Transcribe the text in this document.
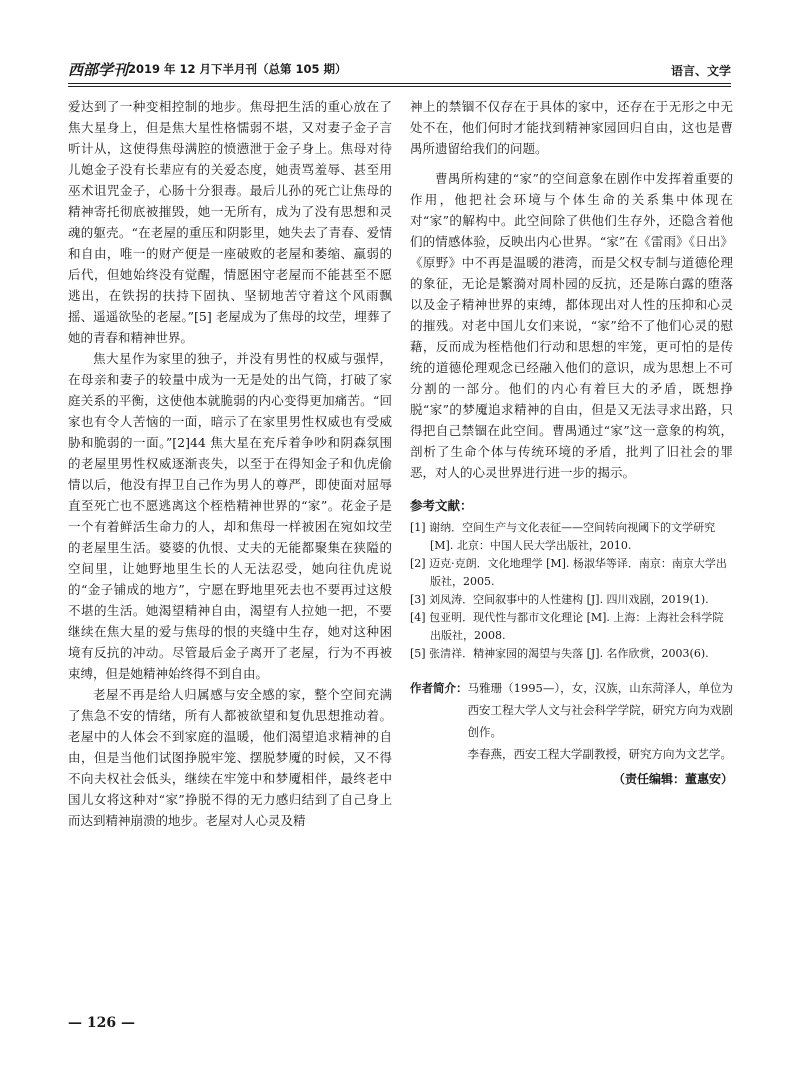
西部学刊 2019 年 12 月下半月刊（总第 105 期）	语言、文学

爱达到了一种变相控制的地步。焦母把生活的重心放在了焦大星身上，但是焦大星性格懦弱不堪，又对妻子金子言听计从，这使得焦母满腔的愤懑泄于金子身上。焦母对待儿媳金子没有长辈应有的关爱态度，她责骂羞辱、甚至用巫术诅咒金子，心肠十分狠毒。最后儿孙的死亡让焦母的精神寄托彻底被摧毁，她一无所有，成为了没有思想和灵魂的躯壳。“在老屋的重压和阴影里，她失去了青春、爱情和自由，唯一的财产便是一座破败的老屋和萎缩、羸弱的后代，但她始终没有觉醒，情愿困守老屋而不能甚至不愿逃出，在铁拐的扶持下固执、坚韧地苦守着这个风雨飘摇、遥遥欲坠的老屋。”[5] 老屋成为了焦母的坟茔，埋葬了她的青春和精神世界。

焦大星作为家里的独子，并没有男性的权威与强悍，在母亲和妻子的较量中成为一无是处的出气筒，打破了家庭关系的平衡，这使他本就脆弱的内心变得更加痛苦。“回家也有令人苦恼的一面，暗示了在家里男性权威也有受威胁和脆弱的一面。”[2]44 焦大星在充斥着争吵和阴森氛围的老屋里男性权威逐渐丧失，以至于在得知金子和仇虎偷情以后，他没有捍卫自己作为男人的尊严，即使面对屈辱直至死亡也不愿逃离这个桎梏精神世界的“家”。花金子是一个有着鲜活生命力的人，却和焦母一样被困在宛如坟茔的老屋里生活。婆婆的仇恨、丈夫的无能都聚集在狭隘的空间里，让她野地里生长的人无法忍受，她向往仇虎说的“金子铺成的地方”，宁愿在野地里死去也不要再过这般不堪的生活。她渴望精神自由，渴望有人拉她一把，不要继续在焦大星的爱与焦母的恨的夹缝中生存，她对这种困境有反抗的冲动。尽管最后金子离开了老屋，行为不再被束缚，但是她精神始终得不到自由。

老屋不再是给人归属感与安全感的家，整个空间充满了焦急不安的情绪，所有人都被欲望和复仇思想推动着。老屋中的人体会不到家庭的温暖，他们渴望追求精神的自由，但是当他们试图挣脱牢笼、摆脱梦魇的时候，又不得不向夫权社会低头，继续在牢笼中和梦魇相伴，最终老中国儿女将这种对“家”挣脱不得的无力感归结到了自己身上而达到精神崩溃的地步。老屋对人心灵及精

神上的禁锢不仅存在于具体的家中，还存在于无形之中无处不在，他们何时才能找到精神家园回归自由，这也是曹禺所遗留给我们的问题。

曹禺所构建的“家”的空间意象在剧作中发挥着重要的作用，他把社会环境与个体生命的关系集中体现在对“家”的解构中。此空间除了供他们生存外，还隐含着他们的情感体验，反映出内心世界。“家”在《雷雨》《日出》《原野》中不再是温暖的港湾，而是父权专制与道德伦理的象征，无论是繁漪对周朴园的反抗，还是陈白露的堕落以及金子精神世界的束缚，都体现出对人性的压抑和心灵的摧残。对老中国儿女们来说，“家”给不了他们心灵的慰藉，反而成为桎梏他们行动和思想的牢笼，更可怕的是传统的道德伦理观念已经融入他们的意识，成为思想上不可分割的一部分。他们的内心有着巨大的矛盾，既想挣脱“家”的梦魇追求精神的自由，但是又无法寻求出路，只得把自己禁锢在此空间。曹禺通过“家”这一意象的构筑，剖析了生命个体与传统环境的矛盾，批判了旧社会的罪恶，对人的心灵世界进行进一步的揭示。

参考文献：
[1] 谢纳．空间生产与文化表征——空间转向视阈下的文学研究 [M]. 北京：中国人民大学出版社，2010.
[2] 迈克·克朗．文化地理学 [M]. 杨淑华等译．南京：南京大学出版社，2005.
[3] 刘凤涛．空间叙事中的人性建构 [J]. 四川戏剧，2019(1).
[4] 包亚明．现代性与都市文化理论 [M]. 上海：上海社会科学院出版社，2008.
[5] 张清祥．精神家园的渴望与失落 [J]. 名作欣赏，2003(6).
作者简介： 马雅珊（1995—），女，汉族，山东菏泽人，单位为西安工程大学人文与社会科学学院，研究方向为戏剧创作。

李春燕，西安工程大学副教授，研究方向为文艺学。

（责任编辑：董惠安）
— 126 —
